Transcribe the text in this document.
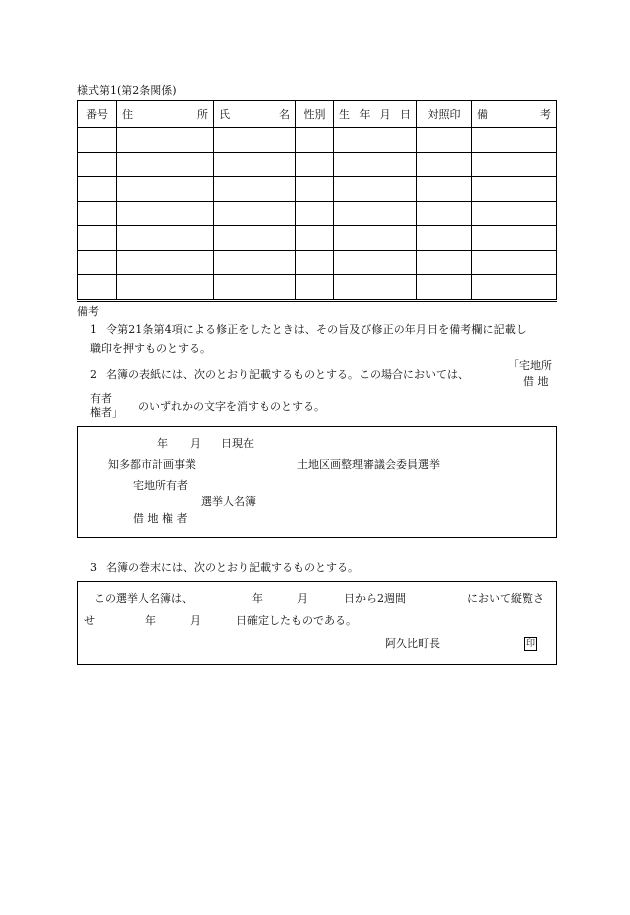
様式第1(第2条関係)
番号	住 所	氏 名	性別	生 年 月 日	対照印	備 考

備考
1 令第21条第4項による修正をしたときは、その旨及び修正の年月日を備考欄に記載し
職印を押すものとする。
2 名簿の表紙には、次のとおり記載するものとする。この場合においては、
「宅地所
借 地
有者
権者」 のいずれかの文字を消すものとする。
年 月 日現在
知多都市計画事業	土地区画整理審議会委員選挙
宅地所有者
選挙人名簿
借 地 権 者
3 名簿の巻末には、次のとおり記載するものとする。
この選挙人名簿は、	年	月	日から2週間	において縦覧さ
せ	年	月	日確定したものである。
阿久比町長	印
